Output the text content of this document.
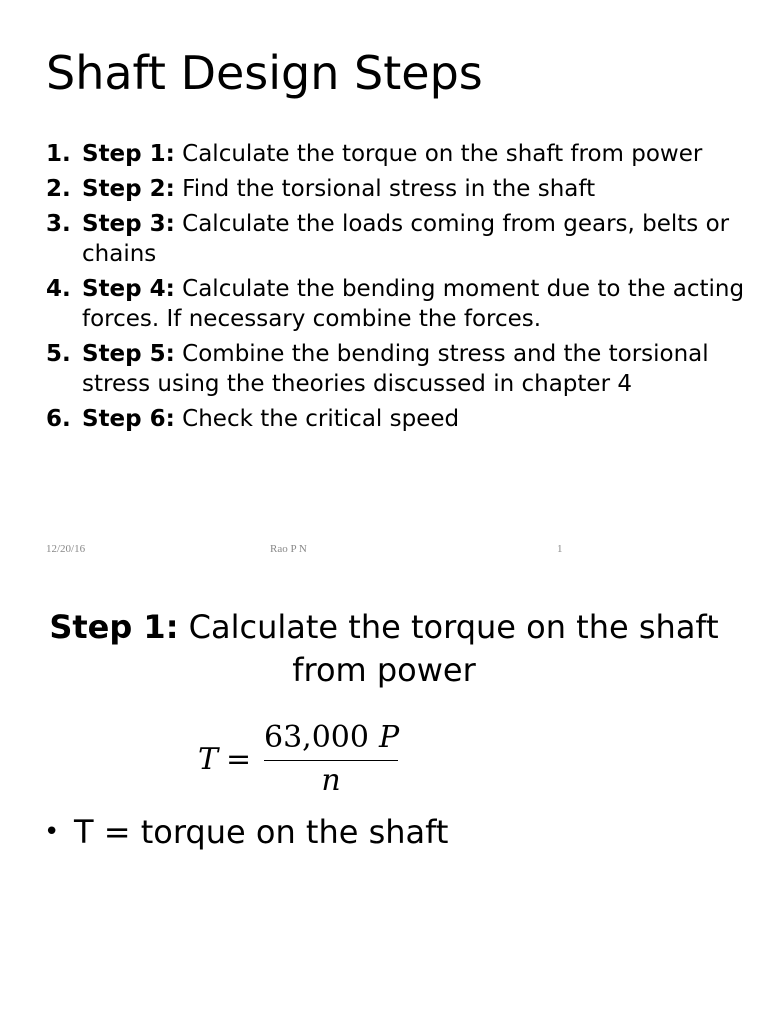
Shaft Design Steps
1. Step 1: Calculate the torque on the shaft from power
2. Step 2: Find the torsional stress in the shaft
3. Step 3: Calculate the loads coming from gears, belts or chains
4. Step 4: Calculate the bending moment due to the acting forces. If necessary combine the forces.
5. Step 5: Combine the bending stress and the torsional stress using the theories discussed in chapter 4
6. Step 6: Check the critical speed
12/20/16	Rao P N	1
Step 1: Calculate the torque on the shaft from power
T =
63,000 P
n
• T = torque on the shaft
